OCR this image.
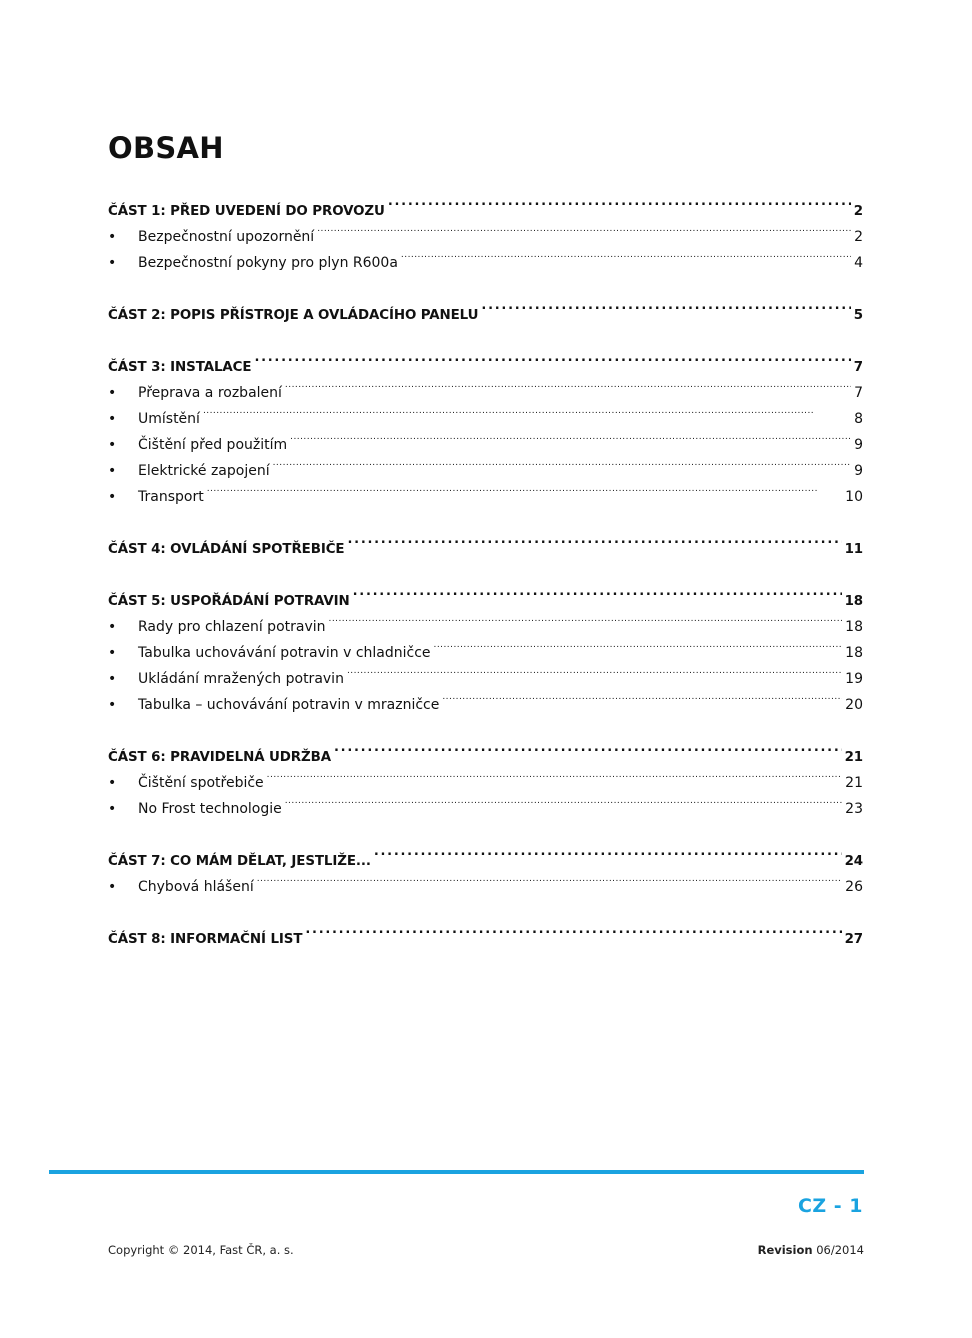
OBSAH
ČÁST 1: PŘED UVEDENÍ DO PROVOZU . . .	2
•	Bezpečnostní upozornění . . .	2
•	Bezpečnostní pokyny pro plyn R600a . . .	4
ČÁST 2: POPIS PŘÍSTROJE A OVLÁDACÍHO PANELU . . .	5
ČÁST 3: INSTALACE . . .	7
•	Přeprava a rozbalení . . .	7
•	Umístění . . .	8
•	Čištění před použitím . . .	9
•	Elektrické zapojení . . .	9
•	Transport . . .	10
ČÁST 4: OVLÁDÁNÍ SPOTŘEBIČE . . .	11
ČÁST 5: USPOŘÁDÁNÍ POTRAVIN . . .	18
•	Rady pro chlazení potravin . . .	18
•	Tabulka uchovávání potravin v chladničce . . .	18
•	Ukládání mražených potravin . . .	19
•	Tabulka – uchovávání potravin v mrazničce . . .	20
ČÁST 6: PRAVIDELNÁ UDRŽBA . . .	21
•	Čištění spotřebiče . . .	21
•	No Frost technologie . . .	23
ČÁST 7: CO MÁM DĚLAT, JESTLIŽE... . . .	24
•	Chybová hlášení . . .	26
ČÁST 8: INFORMAČNÍ LIST . . .	27
CZ - 1
Copyright © 2014, Fast ČR, a. s.	Revision 06/2014
